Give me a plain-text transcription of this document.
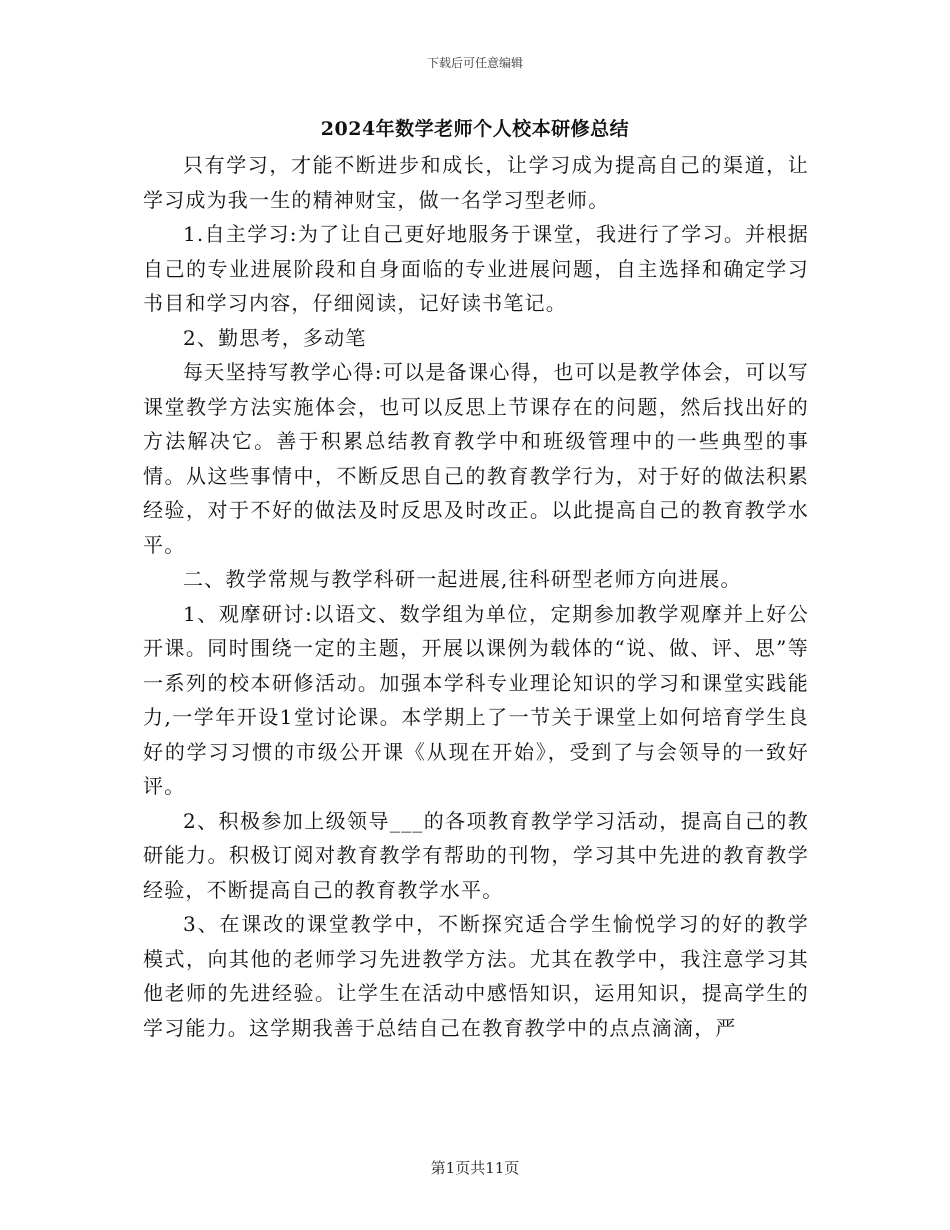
下载后可任意编辑
2024年数学老师个人校本研修总结

只有学习，才能不断进步和成长，让学习成为提高自己的渠道，让学习成为我一生的精神财宝，做一名学习型老师。

1.自主学习:为了让自己更好地服务于课堂，我进行了学习。并根据自己的专业进展阶段和自身面临的专业进展问题，自主选择和确定学习书目和学习内容，仔细阅读，记好读书笔记。

2、勤思考，多动笔

每天坚持写教学心得:可以是备课心得，也可以是教学体会，可以写课堂教学方法实施体会，也可以反思上节课存在的问题，然后找出好的方法解决它。善于积累总结教育教学中和班级管理中的一些典型的事情。从这些事情中，不断反思自己的教育教学行为，对于好的做法积累经验，对于不好的做法及时反思及时改正。以此提高自己的教育教学水平。

二、教学常规与教学科研一起进展,往科研型老师方向进展。

1、观摩研讨:以语文、数学组为单位，定期参加教学观摩并上好公开课。同时围绕一定的主题，开展以课例为载体的“说、做、评、思”等一系列的校本研修活动。加强本学科专业理论知识的学习和课堂实践能力,一学年开设1堂讨论课。本学期上了一节关于课堂上如何培育学生良好的学习习惯的市级公开课《从现在开始》，受到了与会领导的一致好评。

2、积极参加上级领导___的各项教育教学学习活动，提高自己的教研能力。积极订阅对教育教学有帮助的刊物，学习其中先进的教育教学经验，不断提高自己的教育教学水平。

3、在课改的课堂教学中，不断探究适合学生愉悦学习的好的教学模式，向其他的老师学习先进教学方法。尤其在教学中，我注意学习其他老师的先进经验。让学生在活动中感悟知识，运用知识，提高学生的学习能力。这学期我善于总结自己在教育教学中的点点滴滴，严

第1页共11页
